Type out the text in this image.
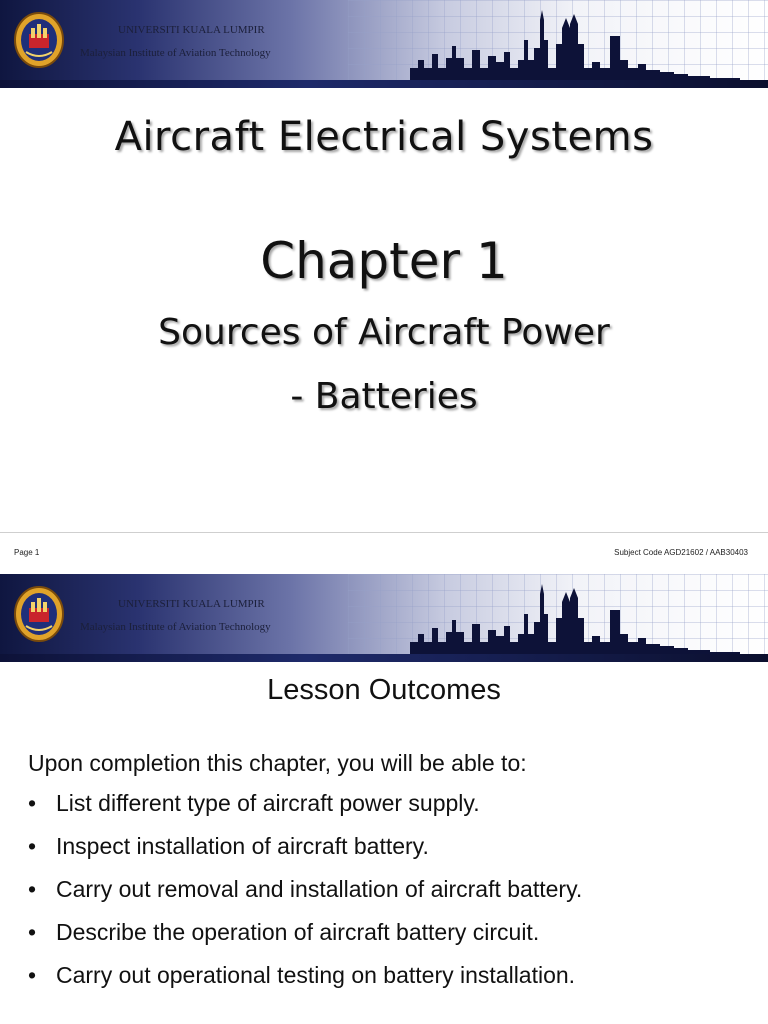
UNIVERSITI KUALA LUMPIR
Malaysian Institute of Aviation Technology
Aircraft Electrical Systems
Chapter 1
Sources of Aircraft Power
- Batteries
Page 1	Subject Code AGD21602 / AAB30403
UNIVERSITI KUALA LUMPIR
Malaysian Institute of Aviation Technology
Lesson Outcomes
Upon completion this chapter, you will be able to:
• List different type of aircraft power supply.
• Inspect installation of aircraft battery.
• Carry out removal and installation of aircraft battery.
• Describe the operation of aircraft battery circuit.
• Carry out operational testing on battery installation.
